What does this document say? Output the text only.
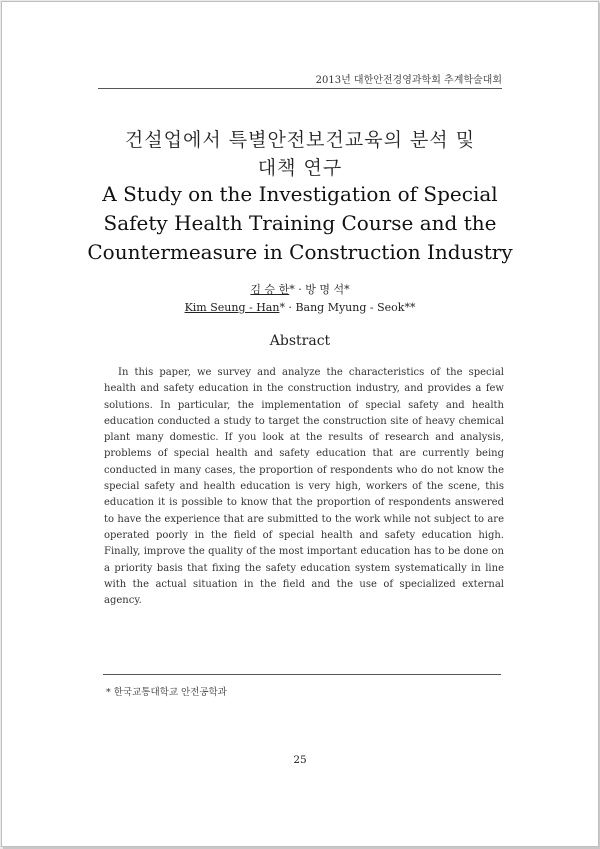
2013년 대한안전경영과학회 추계학술대회
건설업에서 특별안전보건교육의 분석 및
대책 연구
A Study on the Investigation of Special
Safety Health Training Course and the
Countermeasure in Construction Industry
김 승 한* · 방 명 석*
Kim Seung - Han* · Bang Myung - Seok**
Abstract

In this paper, we survey and analyze the characteristics of the special health and safety education in the construction industry, and provides a few solutions. In particular, the implementation of special safety and health education conducted a study to target the construction site of heavy chemical plant many domestic. If you look at the results of research and analysis, problems of special health and safety education that are currently being conducted in many cases, the proportion of respondents who do not know the special safety and health education is very high, workers of the scene, this education it is possible to know that the proportion of respondents answered to have the experience that are submitted to the work while not subject to are operated poorly in the field of special health and safety education high. Finally, improve the quality of the most important education has to be done on a priority basis that fixing the safety education system systematically in line with the actual situation in the field and the use of specialized external agency.

* 한국교통대학교 안전공학과
25
